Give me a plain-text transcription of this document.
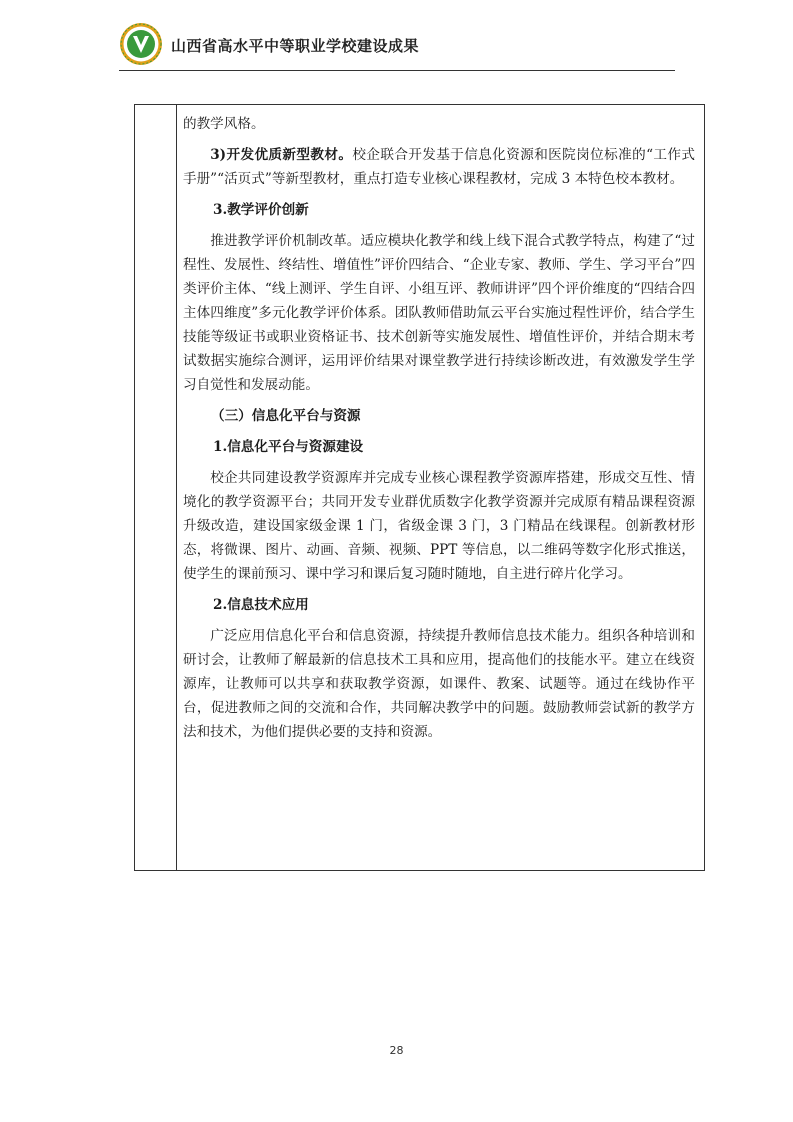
山西省高水平中等职业学校建设成果

的教学风格。

3)开发优质新型教材。校企联合开发基于信息化资源和医院岗位标准的“工作式手册”“活页式”等新型教材，重点打造专业核心课程教材，完成 3 本特色校本教材。

3.教学评价创新

推进教学评价机制改革。适应模块化教学和线上线下混合式教学特点，构建了“过程性、发展性、终结性、增值性”评价四结合、“企业专家、教师、学生、学习平台”四类评价主体、“线上测评、学生自评、小组互评、教师讲评”四个评价维度的“四结合四主体四维度”多元化教学评价体系。团队教师借助氚云平台实施过程性评价，结合学生技能等级证书或职业资格证书、技术创新等实施发展性、增值性评价，并结合期末考试数据实施综合测评，运用评价结果对课堂教学进行持续诊断改进，有效激发学生学习自觉性和发展动能。

（三）信息化平台与资源

1.信息化平台与资源建设

校企共同建设教学资源库并完成专业核心课程教学资源库搭建，形成交互性、情境化的教学资源平台；共同开发专业群优质数字化教学资源并完成原有精品课程资源升级改造，建设国家级金课 1 门，省级金课 3 门，3 门精品在线课程。创新教材形态，将微课、图片、动画、音频、视频、PPT 等信息，以二维码等数字化形式推送，使学生的课前预习、课中学习和课后复习随时随地，自主进行碎片化学习。

2.信息技术应用

广泛应用信息化平台和信息资源，持续提升教师信息技术能力。组织各种培训和研讨会，让教师了解最新的信息技术工具和应用，提高他们的技能水平。建立在线资源库，让教师可以共享和获取教学资源，如课件、教案、试题等。通过在线协作平台，促进教师之间的交流和合作，共同解决教学中的问题。鼓励教师尝试新的教学方法和技术，为他们提供必要的支持和资源。

28
